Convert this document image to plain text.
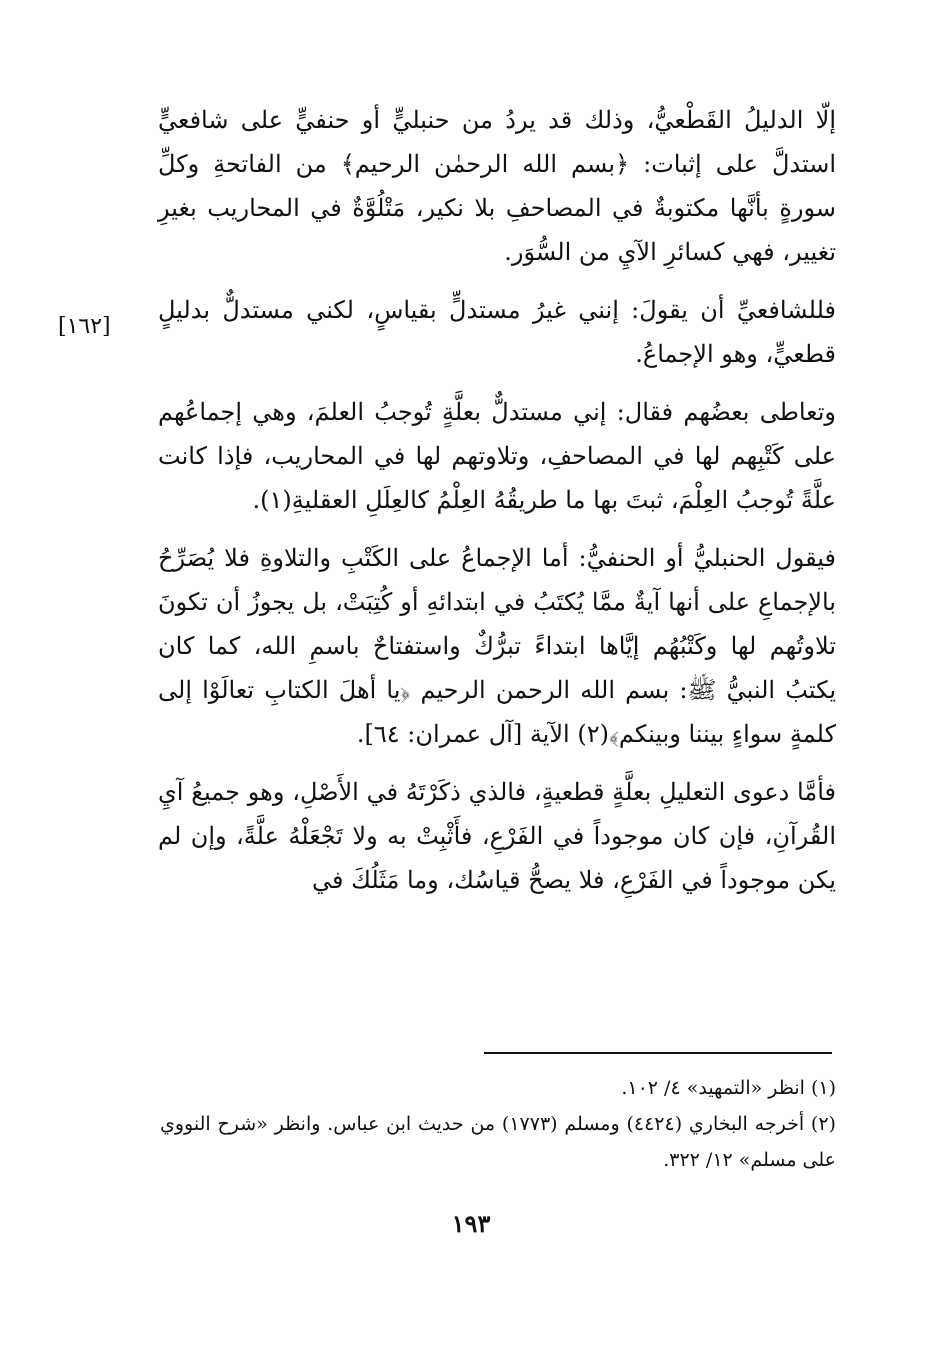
[١٦٢]

إلّا الدليلُ القَطْعيُّ، وذلك قد يردُ من حنبليٍّ أو حنفيٍّ على شافعيٍّ استدلَّ على إثبات: ﴿بسم الله الرحمٰن الرحيم﴾ من الفاتحةِ وكلِّ سورةٍ بأنَّها مكتوبةٌ في المصاحفِ بلا نكير، مَتْلُوَّةٌ في المحاريب بغيرِ تغيير، فهي كسائرِ الآيِ من السُّوَر.

فللشافعيِّ أن يقولَ: إنني غيرُ مستدلٍّ بقياسٍ، لكني مستدلٌّ بدليلٍ قطعيٍّ، وهو الإجماعُ.

وتعاطى بعضُهم فقال: إني مستدلٌّ بعلَّةٍ تُوجبُ العلمَ، وهي إجماعُهم على كَتْبِهم لها في المصاحفِ، وتلاوتهم لها في المحاريب، فإذا كانت علَّةً تُوجبُ العِلْمَ، ثبتَ بها ما طريقُهُ العِلْمُ كالعِلَلِ العقليةِ(١).

فيقول الحنبليُّ أو الحنفيُّ: أما الإجماعُ على الكَتْبِ والتلاوةِ فلا يُصَرِّحُ بالإجماعِ على أنها آيةٌ ممَّا يُكتَبُ في ابتدائهِ أو كُتِبَتْ، بل يجوزُ أن تكونَ تلاوتُهم لها وكَتْبُهُم إيَّاها ابتداءً تبرُّكٌ واستفتاحٌ باسمِ الله، كما كان يكتبُ النبيُّ ﷺ: بسم الله الرحمن الرحيم ﴿يا أهلَ الكتابِ تعالَوْا إلى كلمةٍ سواءٍ بيننا وبينكم﴾(٢) الآية [آل عمران: ٦٤].

فأمَّا دعوى التعليلِ بعلَّةٍ قطعيةٍ، فالذي ذكَرْتَهُ في الأَصْلِ، وهو جميعُ آيِ القُرآنِ، فإن كان موجوداً في الفَرْعِ، فأَثْبِتْ به ولا تَجْعَلْهُ علَّةً، وإن لم يكن موجوداً في الفَرْعِ، فلا يصحُّ قياسُك، وما مَثَلُكَ في

(١) انظر «التمهيد» ٤/ ١٠٢.

(٢) أخرجه البخاري (٤٤٢٤) ومسلم (١٧٧٣) من حديث ابن عباس. وانظر «شرح النووي على مسلم» ١٢/ ٣٢٢.

١٩٣
